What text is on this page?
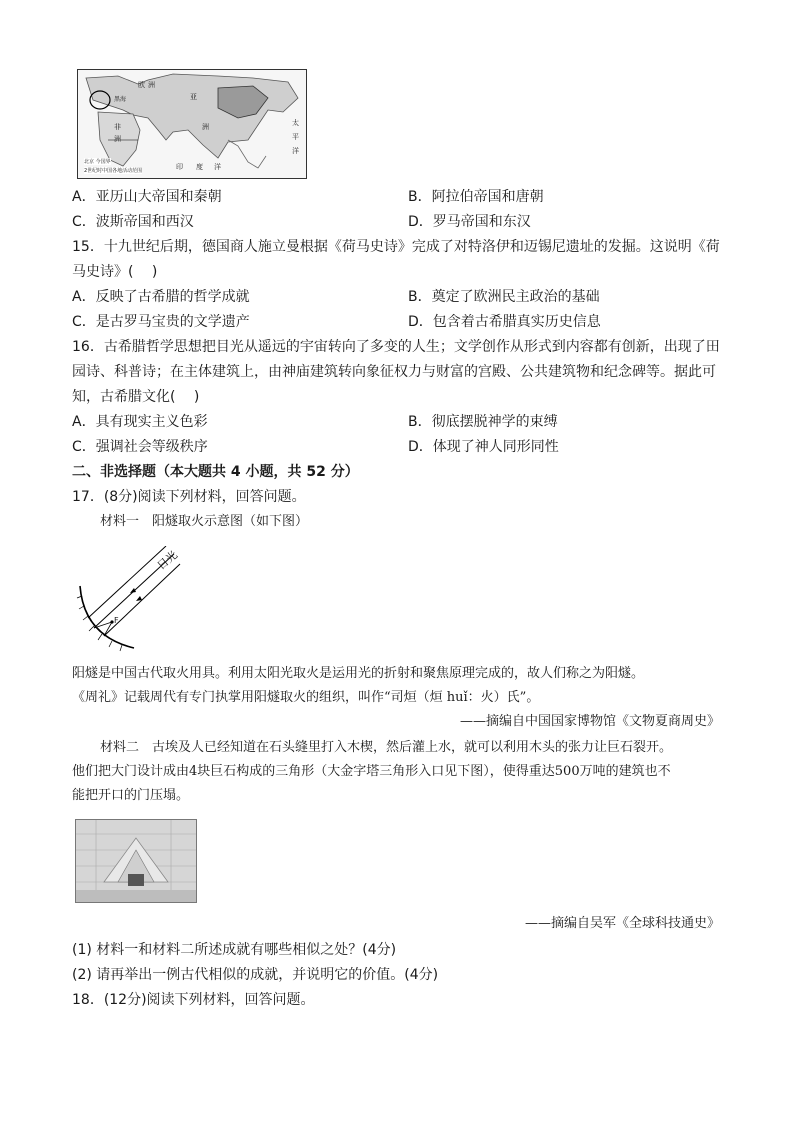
欧 洲
黑海
非
洲
亚
洲
印 度 洋
太
平
洋
北京 今国界
2世纪时中国各地活动范围
A．亚历山大帝国和秦朝	B．阿拉伯帝国和唐朝
C．波斯帝国和西汉	D．罗马帝国和东汉
15．十九世纪后期，德国商人施立曼根据《荷马史诗》完成了对特洛伊和迈锡尼遗址的发掘。这说明《荷
马史诗》(　 )
A．反映了古希腊的哲学成就	B．奠定了欧洲民主政治的基础
C．是古罗马宝贵的文学遗产	D．包含着古希腊真实历史信息
16．古希腊哲学思想把目光从遥远的宇宙转向了多变的人生；文学创作从形式到内容都有创新，出现了田
园诗、科普诗；在主体建筑上，由神庙建筑转向象征权力与财富的宫殿、公共建筑物和纪念碑等。据此可
知，古希腊文化(　 )
A．具有现实主义色彩	B．彻底摆脱神学的束缚
C．强调社会等级秩序	D．体现了神人同形同性
二、非选择题（本大题共 4 小题，共 52 分）
17．(8分)阅读下列材料，回答问题。
材料一　阳燧取火示意图（如下图）
日光
F
阳燧是中国古代取火用具。利用太阳光取火是运用光的折射和聚焦原理完成的，故人们称之为阳燧。
《周礼》记载周代有专门执掌用阳燧取火的组织，叫作“司烜（烜 huǐ：火）氏”。
——摘编自中国国家博物馆《文物夏商周史》
材料二　古埃及人已经知道在石头缝里打入木楔，然后灌上水，就可以利用木头的张力让巨石裂开。
他们把大门设计成由4块巨石构成的三角形（大金字塔三角形入口见下图），使得重达500万吨的建筑也不
能把开口的门压塌。
——摘编自吴军《全球科技通史》
(1) 材料一和材料二所述成就有哪些相似之处？(4分)
(2) 请再举出一例古代相似的成就，并说明它的价值。(4分)
18．(12分)阅读下列材料，回答问题。
